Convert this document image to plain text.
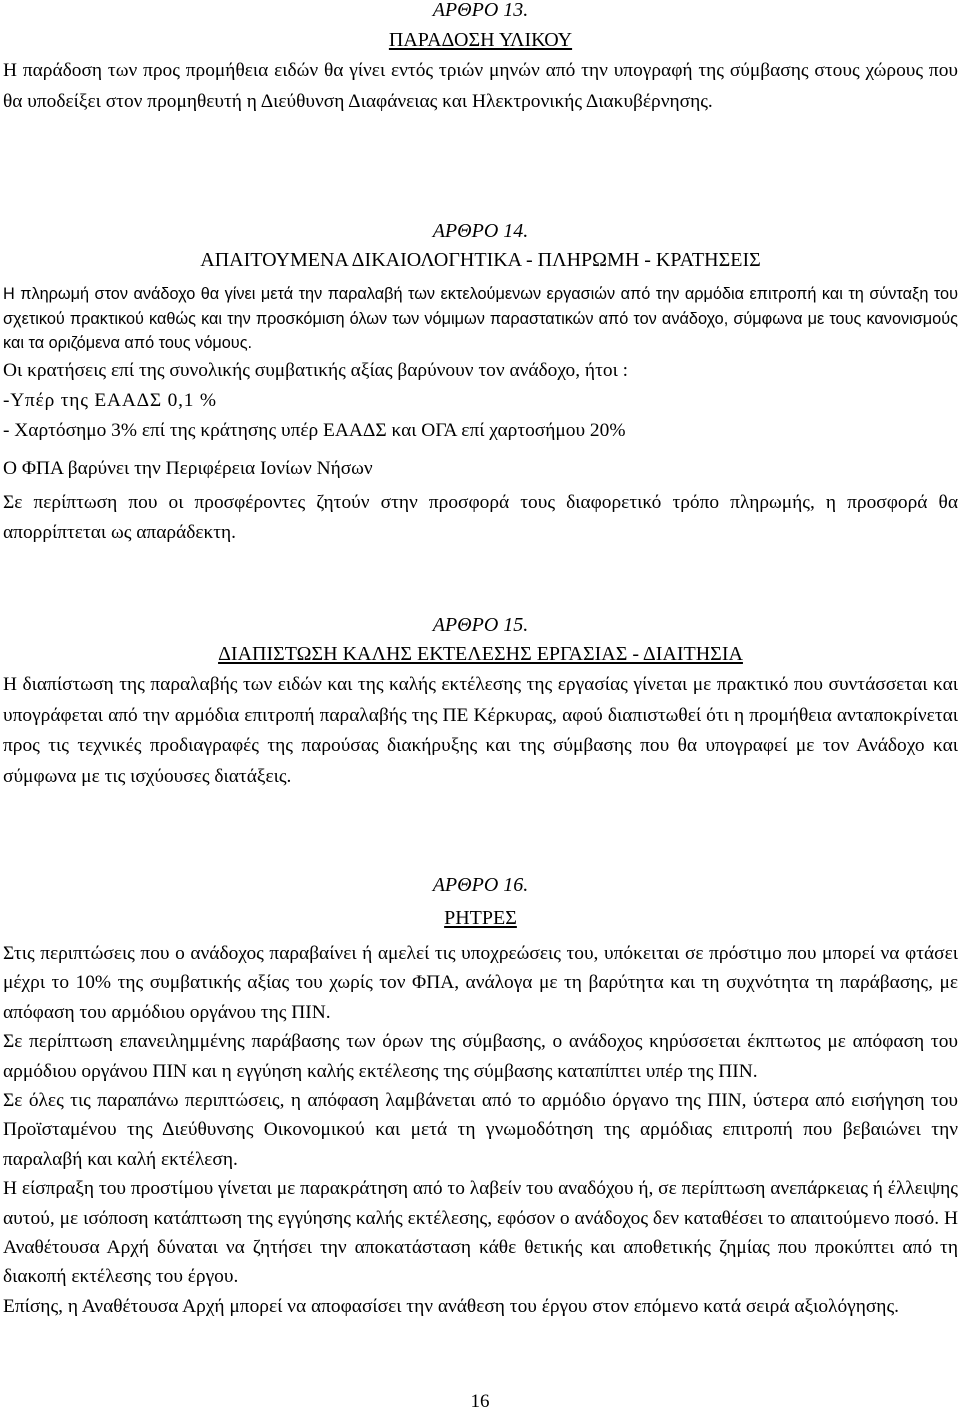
ΑΡΘΡΟ 13.
ΠΑΡΑΔΟΣΗ ΥΛΙΚΟΥ

Η παράδοση των προς προμήθεια ειδών θα γίνει εντός τριών μηνών από την υπογραφή της σύμβασης στους χώρους που θα υποδείξει στον προμηθευτή η Διεύθυνση Διαφάνειας και Ηλεκτρονικής Διακυβέρνησης.

ΑΡΘΡΟ 14.
ΑΠΑΙΤΟΥΜΕΝΑ ΔΙΚΑΙΟΛΟΓΗΤΙΚΑ - ΠΛΗΡΩΜΗ - ΚΡΑΤΗΣΕΙΣ

Η πληρωμή στον ανάδοχο θα γίνει μετά την παραλαβή των εκτελούμενων εργασιών από την αρμόδια επιτροπή και τη σύνταξη του σχετικού πρακτικού καθώς και την προσκόμιση όλων των νόμιμων παραστατικών από τον ανάδοχο, σύμφωνα με τους κανονισμούς και τα οριζόμενα από τους νόμους.

Οι κρατήσεις επί της συνολικής συμβατικής αξίας βαρύνουν τον ανάδοχο, ήτοι :

-Υπέρ της ΕΑΑΔΣ 0,1 %

- Χαρτόσημο 3% επί της κράτησης υπέρ ΕΑΑΔΣ και ΟΓΑ επί χαρτοσήμου 20%

Ο ΦΠΑ βαρύνει την Περιφέρεια Ιονίων Νήσων

Σε περίπτωση που οι προσφέροντες ζητούν στην προσφορά τους διαφορετικό τρόπο πληρωμής, η προσφορά θα απορρίπτεται ως απαράδεκτη.

ΑΡΘΡΟ 15.
ΔΙΑΠΙΣΤΩΣΗ ΚΑΛΗΣ ΕΚΤΕΛΕΣΗΣ ΕΡΓΑΣΙΑΣ - ΔΙΑΙΤΗΣΙΑ

Η διαπίστωση της παραλαβής των ειδών και της καλής εκτέλεσης της εργασίας γίνεται με πρακτικό που συντάσσεται και υπογράφεται από την αρμόδια επιτροπή παραλαβής της ΠΕ Κέρκυρας, αφού διαπιστωθεί ότι η προμήθεια ανταποκρίνεται προς τις τεχνικές προδιαγραφές της παρούσας διακήρυξης και της σύμβασης που θα υπογραφεί με τον Ανάδοχο και σύμφωνα με τις ισχύουσες διατάξεις.

ΑΡΘΡΟ 16.
ΡΗΤΡΕΣ

Στις περιπτώσεις που ο ανάδοχος παραβαίνει ή αμελεί τις υποχρεώσεις του, υπόκειται σε πρόστιμο που μπορεί να φτάσει μέχρι το 10% της συμβατικής αξίας του χωρίς τον ΦΠΑ, ανάλογα με τη βαρύτητα και τη συχνότητα τη παράβασης, με απόφαση του αρμόδιου οργάνου της ΠΙΝ.

Σε περίπτωση επανειλημμένης παράβασης των όρων της σύμβασης, ο ανάδοχος κηρύσσεται έκπτωτος με απόφαση του αρμόδιου οργάνου ΠΙΝ και η εγγύηση καλής εκτέλεσης της σύμβασης καταπίπτει υπέρ της ΠΙΝ.

Σε όλες τις παραπάνω περιπτώσεις, η απόφαση λαμβάνεται από το αρμόδιο όργανο της ΠΙΝ, ύστερα από εισήγηση του Προϊσταμένου της Διεύθυνσης Οικονομικού και μετά τη γνωμοδότηση της αρμόδιας επιτροπή που βεβαιώνει την παραλαβή και καλή εκτέλεση.

Η είσπραξη του προστίμου γίνεται με παρακράτηση από το λαβείν του αναδόχου ή, σε περίπτωση ανεπάρκειας ή έλλειψης αυτού, με ισόποση κατάπτωση της εγγύησης καλής εκτέλεσης, εφόσον ο ανάδοχος δεν καταθέσει το απαιτούμενο ποσό. Η Αναθέτουσα Αρχή δύναται να ζητήσει την αποκατάσταση κάθε θετικής και αποθετικής ζημίας που προκύπτει από τη διακοπή εκτέλεσης του έργου.

Επίσης, η Αναθέτουσα Αρχή μπορεί να αποφασίσει την ανάθεση του έργου στον επόμενο κατά σειρά αξιολόγησης.

16
